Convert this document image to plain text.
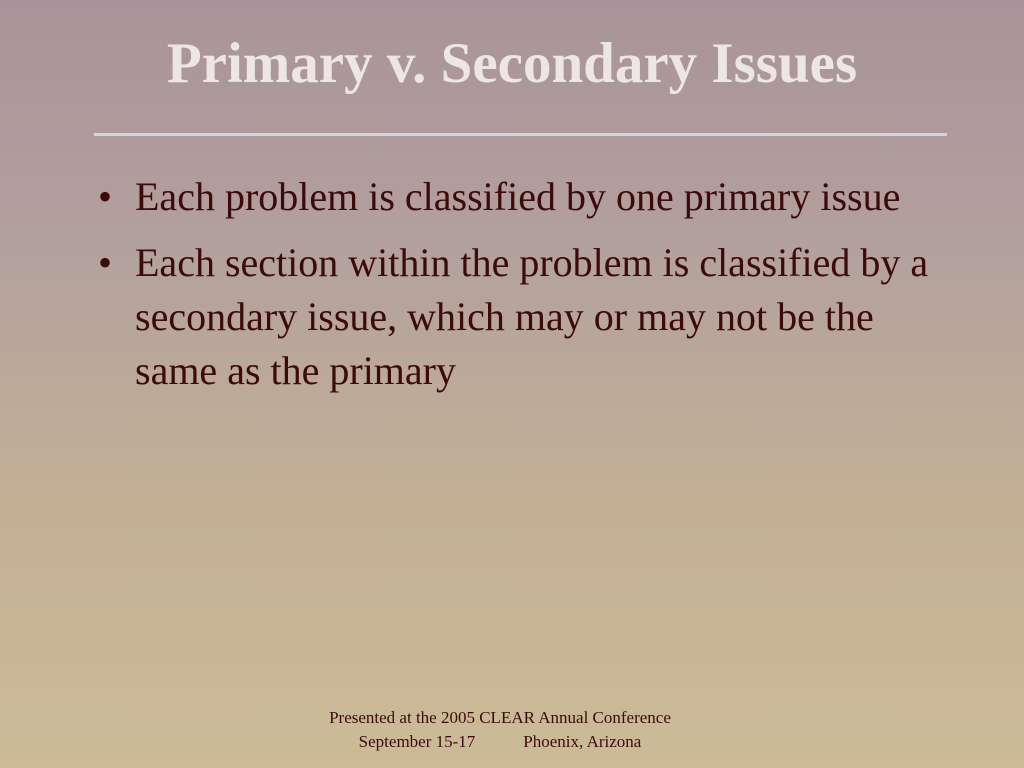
Primary v. Secondary Issues
• Each problem is classified by one primary issue
• Each section within the problem is classified by a secondary issue, which may or may not be the same as the primary
Presented at the 2005 CLEAR Annual Conference
September 15-17	Phoenix, Arizona
